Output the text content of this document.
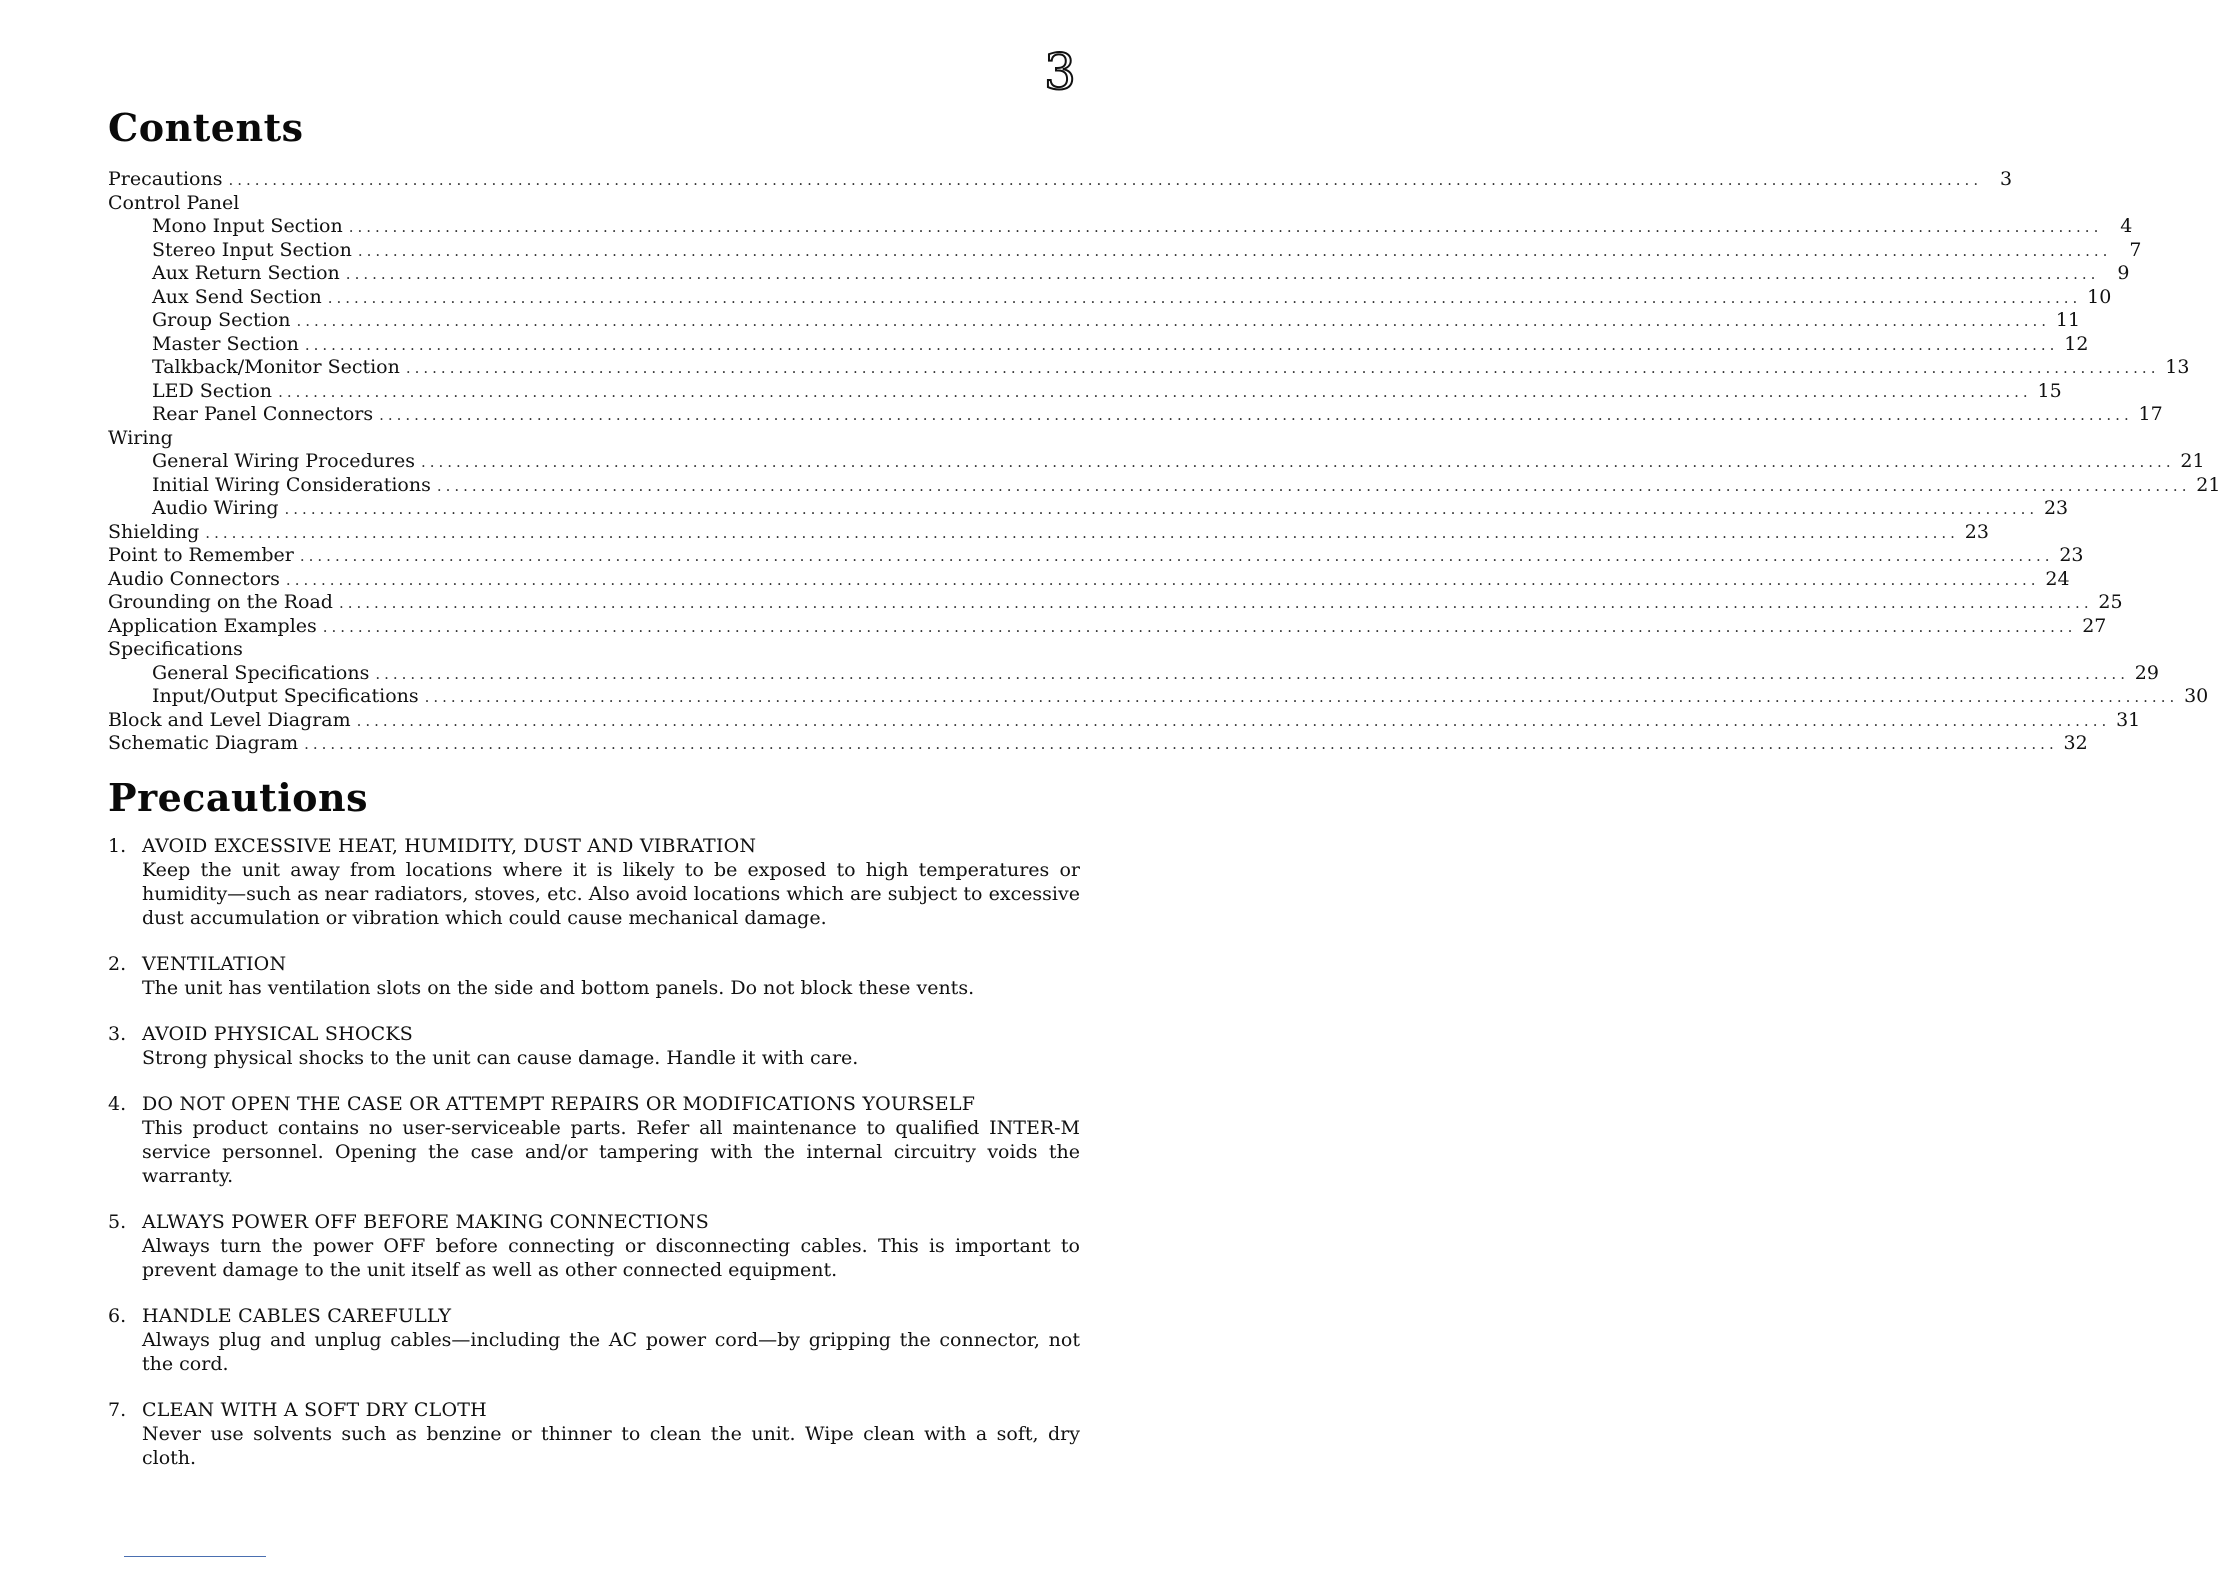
3
Contents
Precautions ........................................................................................................................................................................................................ 3
Control Panel
Mono Input Section ........................................................................................................................................................................................................ 4
Stereo Input Section ........................................................................................................................................................................................................ 7
Aux Return Section ........................................................................................................................................................................................................ 9
Aux Send Section ........................................................................................................................................................................................................ 10
Group Section ........................................................................................................................................................................................................ 11
Master Section ........................................................................................................................................................................................................ 12
Talkback/Monitor Section ........................................................................................................................................................................................................ 13
LED Section ........................................................................................................................................................................................................ 15
Rear Panel Connectors ........................................................................................................................................................................................................ 17
Wiring
General Wiring Procedures ........................................................................................................................................................................................................ 21
Initial Wiring Considerations ........................................................................................................................................................................................................ 21
Audio Wiring ........................................................................................................................................................................................................ 23
Shielding ........................................................................................................................................................................................................ 23
Point to Remember ........................................................................................................................................................................................................ 23
Audio Connectors ........................................................................................................................................................................................................ 24
Grounding on the Road ........................................................................................................................................................................................................ 25
Application Examples ........................................................................................................................................................................................................ 27
Specifications
General Specifications ........................................................................................................................................................................................................ 29
Input/Output Specifications ........................................................................................................................................................................................................ 30
Block and Level Diagram ........................................................................................................................................................................................................ 31
Schematic Diagram ........................................................................................................................................................................................................ 32
Precautions
1. AVOID EXCESSIVE HEAT, HUMIDITY, DUST AND VIBRATION
Keep the unit away from locations where it is likely to be exposed to high temperatures or humidity—such as near radiators, stoves, etc. Also avoid locations which are subject to excessive dust accumulation or vibration which could cause mechanical damage.
2. VENTILATION
The unit has ventilation slots on the side and bottom panels. Do not block these vents.
3. AVOID PHYSICAL SHOCKS
Strong physical shocks to the unit can cause damage. Handle it with care.
4. DO NOT OPEN THE CASE OR ATTEMPT REPAIRS OR MODIFICATIONS YOURSELF
This product contains no user-serviceable parts. Refer all maintenance to qualified INTER-M service personnel. Opening the case and/or tampering with the internal circuitry voids the warranty.
5. ALWAYS POWER OFF BEFORE MAKING CONNECTIONS
Always turn the power OFF before connecting or disconnecting cables. This is important to prevent damage to the unit itself as well as other connected equipment.
6. HANDLE CABLES CAREFULLY
Always plug and unplug cables—including the AC power cord—by gripping the connector, not the cord.
7. CLEAN WITH A SOFT DRY CLOTH
Never use solvents such as benzine or thinner to clean the unit. Wipe clean with a soft, dry cloth.
